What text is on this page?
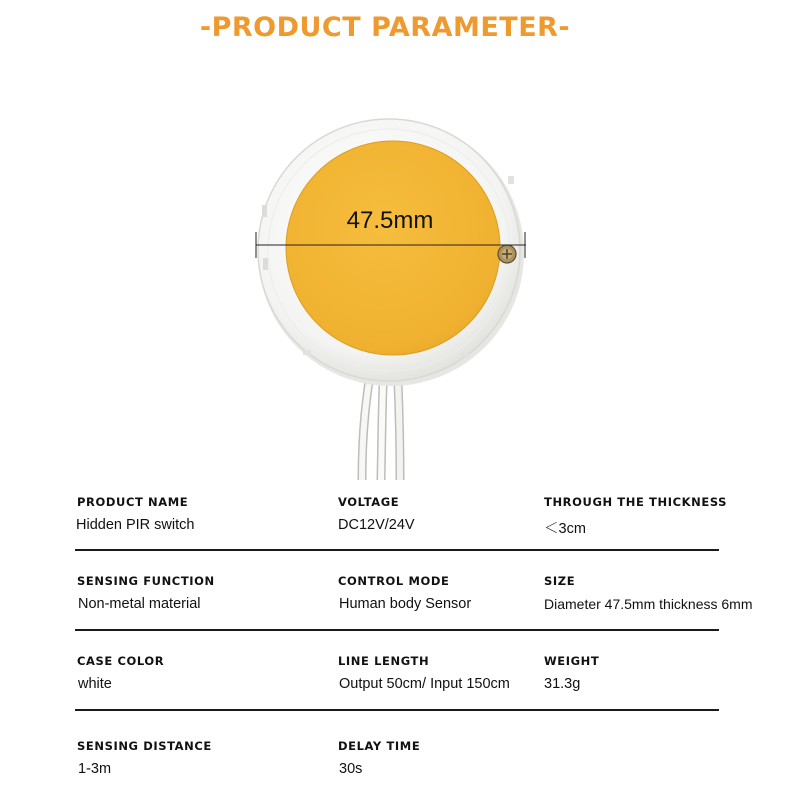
-PRODUCT PARAMETER-
47.5mm
PRODUCT NAME
Hidden PIR switch
VOLTAGE
DC12V/24V
THROUGH THE THICKNESS
＜3cm
SENSING FUNCTION
Non-metal material
CONTROL MODE
Human body Sensor
SIZE
Diameter 47.5mm thickness 6mm
CASE COLOR
white
LINE LENGTH
Output 50cm/ Input 150cm
WEIGHT
31.3g
SENSING DISTANCE
1-3m
DELAY TIME
30s
